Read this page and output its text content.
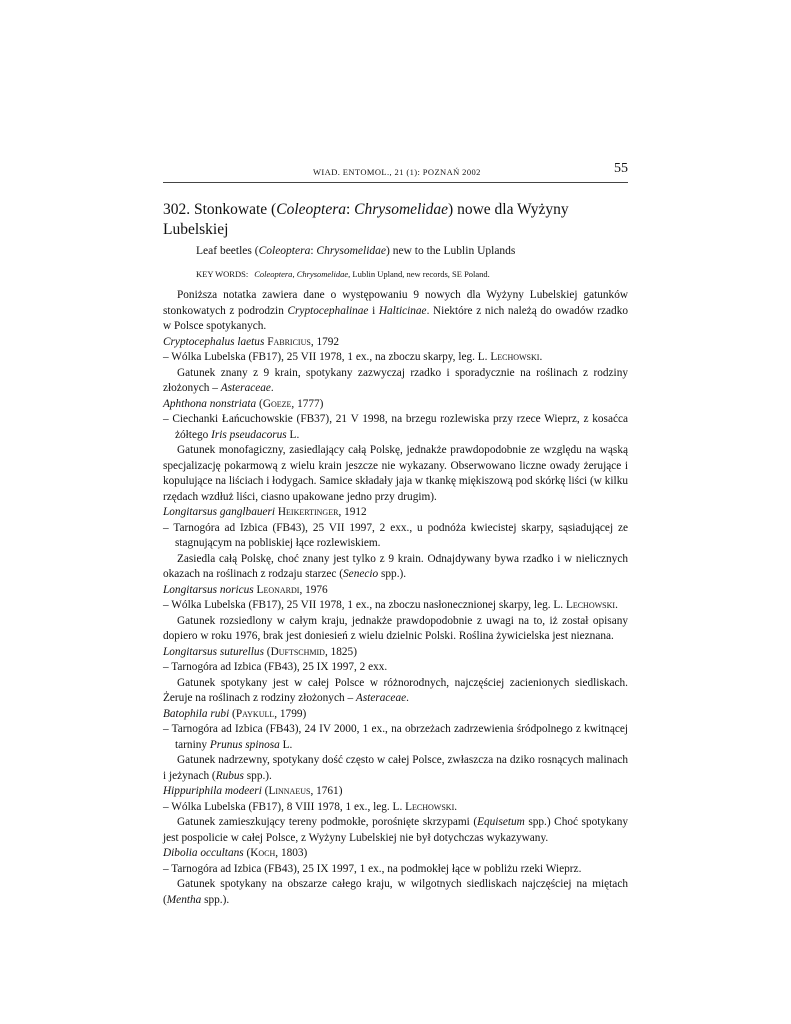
WIAD. ENTOMOL., 21 (1): POZNAŃ 2002	55
302. Stonkowate (Coleoptera: Chrysomelidae) nowe dla Wyżyny Lubelskiej
Leaf beetles (Coleoptera: Chrysomelidae) new to the Lublin Uplands
KEY WORDS: Coleoptera, Chrysomelidae, Lublin Upland, new records, SE Poland.

Poniższa notatka zawiera dane o występowaniu 9 nowych dla Wyżyny Lubelskiej gatunków stonkowatych z podrodzin Cryptocephalinae i Halticinae. Niektóre z nich należą do owadów rzadko w Polsce spotykanych.

Cryptocephalus laetus Fabricius, 1792

– Wólka Lubelska (FB17), 25 VII 1978, 1 ex., na zboczu skarpy, leg. L. Lechowski.

Gatunek znany z 9 krain, spotykany zazwyczaj rzadko i sporadycznie na roślinach z rodziny złożonych – Asteraceae.

Aphthona nonstriata (Goeze, 1777)

– Ciechanki Łańcuchowskie (FB37), 21 V 1998, na brzegu rozlewiska przy rzece Wieprz, z kosaćca żółtego Iris pseudacorus L.

Gatunek monofagiczny, zasiedlający całą Polskę, jednakże prawdopodobnie ze względu na wąską specjalizację pokarmową z wielu krain jeszcze nie wykazany. Obserwowano liczne owady żerujące i kopulujące na liściach i łodygach. Samice składały jaja w tkankę miękiszową pod skórkę liści (w kilku rzędach wzdłuż liści, ciasno upakowane jedno przy drugim).

Longitarsus ganglbaueri Heikertinger, 1912

– Tarnogóra ad Izbica (FB43), 25 VII 1997, 2 exx., u podnóża kwiecistej skarpy, sąsiadującej ze stagnującym na pobliskiej łące rozlewiskiem.

Zasiedla całą Polskę, choć znany jest tylko z 9 krain. Odnajdywany bywa rzadko i w nielicznych okazach na roślinach z rodzaju starzec (Senecio spp.).

Longitarsus noricus Leonardi, 1976

– Wólka Lubelska (FB17), 25 VII 1978, 1 ex., na zboczu nasłonecznionej skarpy, leg. L. Lechowski.

Gatunek rozsiedlony w całym kraju, jednakże prawdopodobnie z uwagi na to, iż został opisany dopiero w roku 1976, brak jest doniesień z wielu dzielnic Polski. Roślina żywicielska jest nieznana.

Longitarsus suturellus (Duftschmid, 1825)

– Tarnogóra ad Izbica (FB43), 25 IX 1997, 2 exx.

Gatunek spotykany jest w całej Polsce w różnorodnych, najczęściej zacienionych siedliskach. Żeruje na roślinach z rodziny złożonych – Asteraceae.

Batophila rubi (Paykull, 1799)

– Tarnogóra ad Izbica (FB43), 24 IV 2000, 1 ex., na obrzeżach zadrzewienia śródpolnego z kwitnącej tarniny Prunus spinosa L.

Gatunek nadrzewny, spotykany dość często w całej Polsce, zwłaszcza na dziko rosnących malinach i jeżynach (Rubus spp.).

Hippuriphila modeeri (Linnaeus, 1761)

– Wólka Lubelska (FB17), 8 VIII 1978, 1 ex., leg. L. Lechowski.

Gatunek zamieszkujący tereny podmokłe, porośnięte skrzypami (Equisetum spp.) Choć spotykany jest pospolicie w całej Polsce, z Wyżyny Lubelskiej nie był dotychczas wykazywany.

Dibolia occultans (Koch, 1803)

– Tarnogóra ad Izbica (FB43), 25 IX 1997, 1 ex., na podmokłej łące w pobliżu rzeki Wieprz.

Gatunek spotykany na obszarze całego kraju, w wilgotnych siedliskach najczęściej na miętach (Mentha spp.).
